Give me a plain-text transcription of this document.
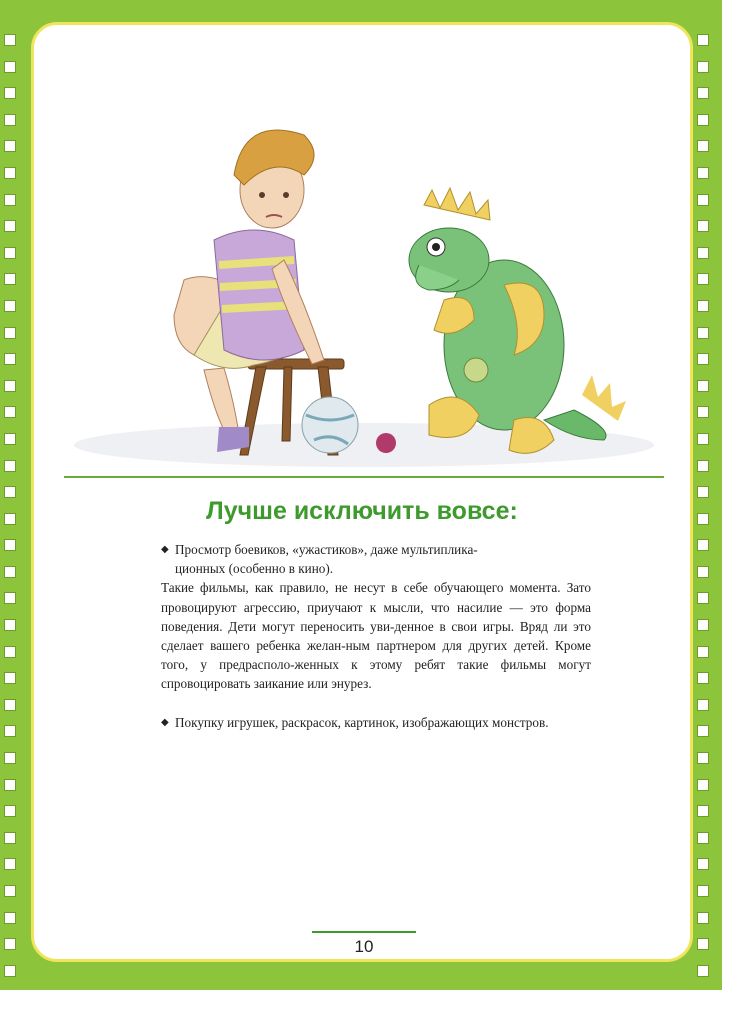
Лучше исключить вовсе:
◆ Просмотр боевиков, «ужастиков», даже мультиплика-
ционных (особенно в кино).
Такие фильмы, как правило, не несут в себе обучающего момента. Зато провоцируют агрессию, приучают к мысли, что насилие — это форма поведения. Дети могут переносить уви-денное в свои игры. Вряд ли это сделает вашего ребенка желан-ным партнером для других детей. Кроме того, у предрасполо-женных к этому ребят такие фильмы могут спровоцировать заикание или энурез.
◆ Покупку игрушек, раскрасок, картинок, изображающих монстров.
10
